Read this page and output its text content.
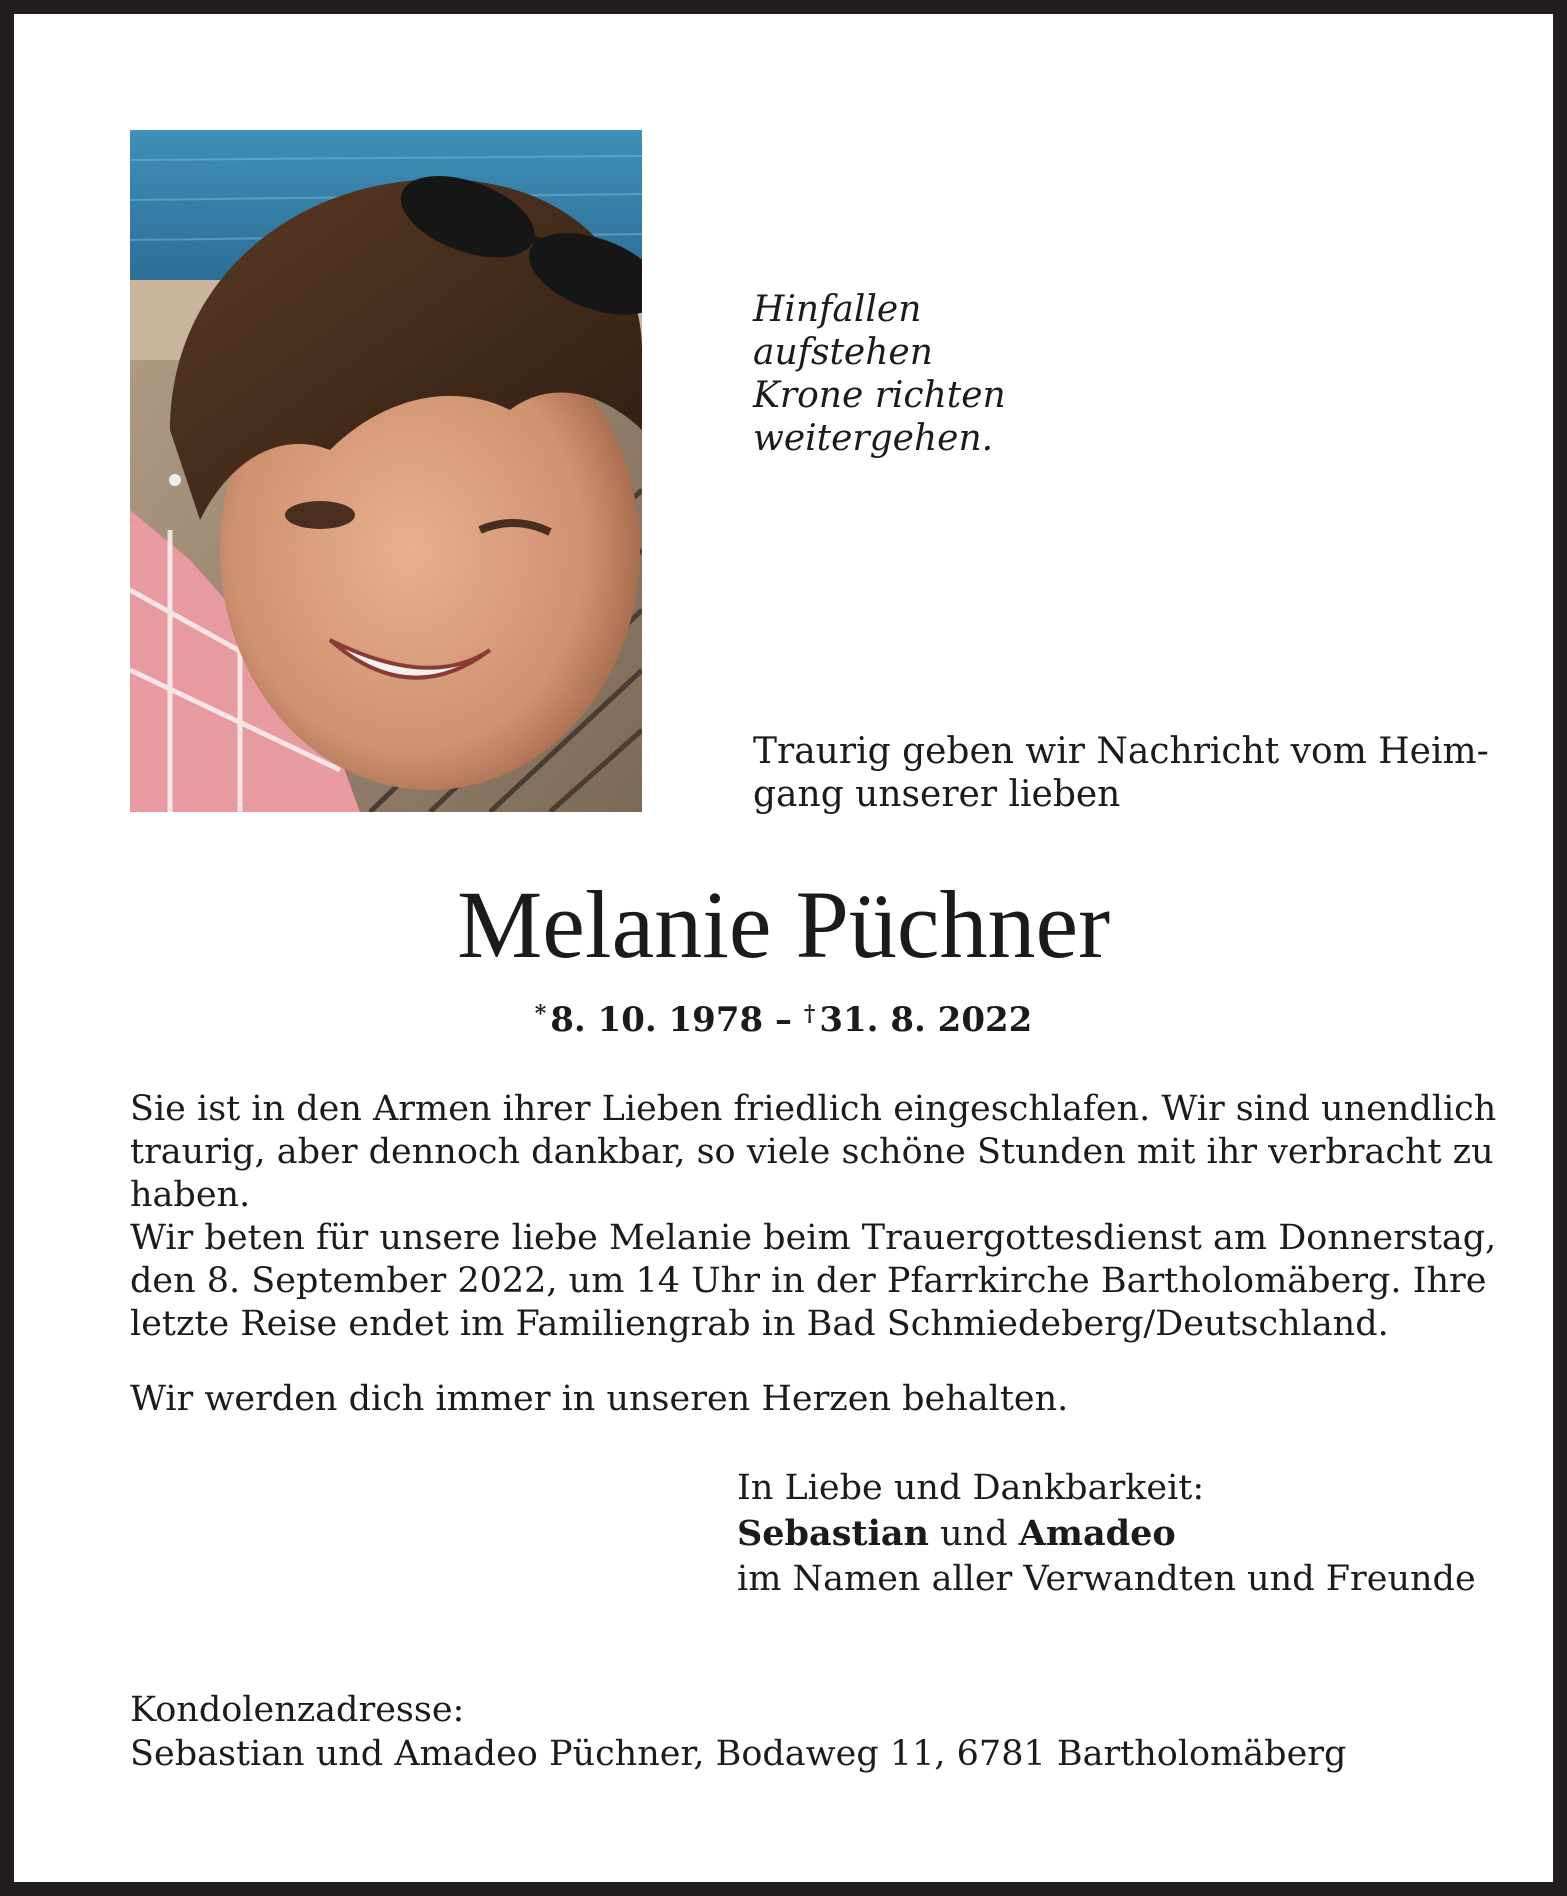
Hinfallen
aufstehen
Krone richten
weitergehen.
Traurig geben wir Nachricht vom Heim-
gang unserer lieben
Melanie Püchner
* 8. 10. 1978 – † 31. 8. 2022

Sie ist in den Armen ihrer Lieben friedlich eingeschlafen. Wir sind unendlich
traurig, aber dennoch dankbar, so viele schöne Stunden mit ihr verbracht zu
haben.

Wir beten für unsere liebe Melanie beim Trauergottesdienst am Donnerstag,
den 8. September 2022, um 14 Uhr in der Pfarrkirche Bartholomäberg. Ihre
letzte Reise endet im Familiengrab in Bad Schmiedeberg/Deutschland.

Wir werden dich immer in unseren Herzen behalten.
In Liebe und Dankbarkeit:
Sebastian und Amadeo
im Namen aller Verwandten und Freunde
Kondolenzadresse:
Sebastian und Amadeo Püchner, Bodaweg 11, 6781 Bartholomäberg
